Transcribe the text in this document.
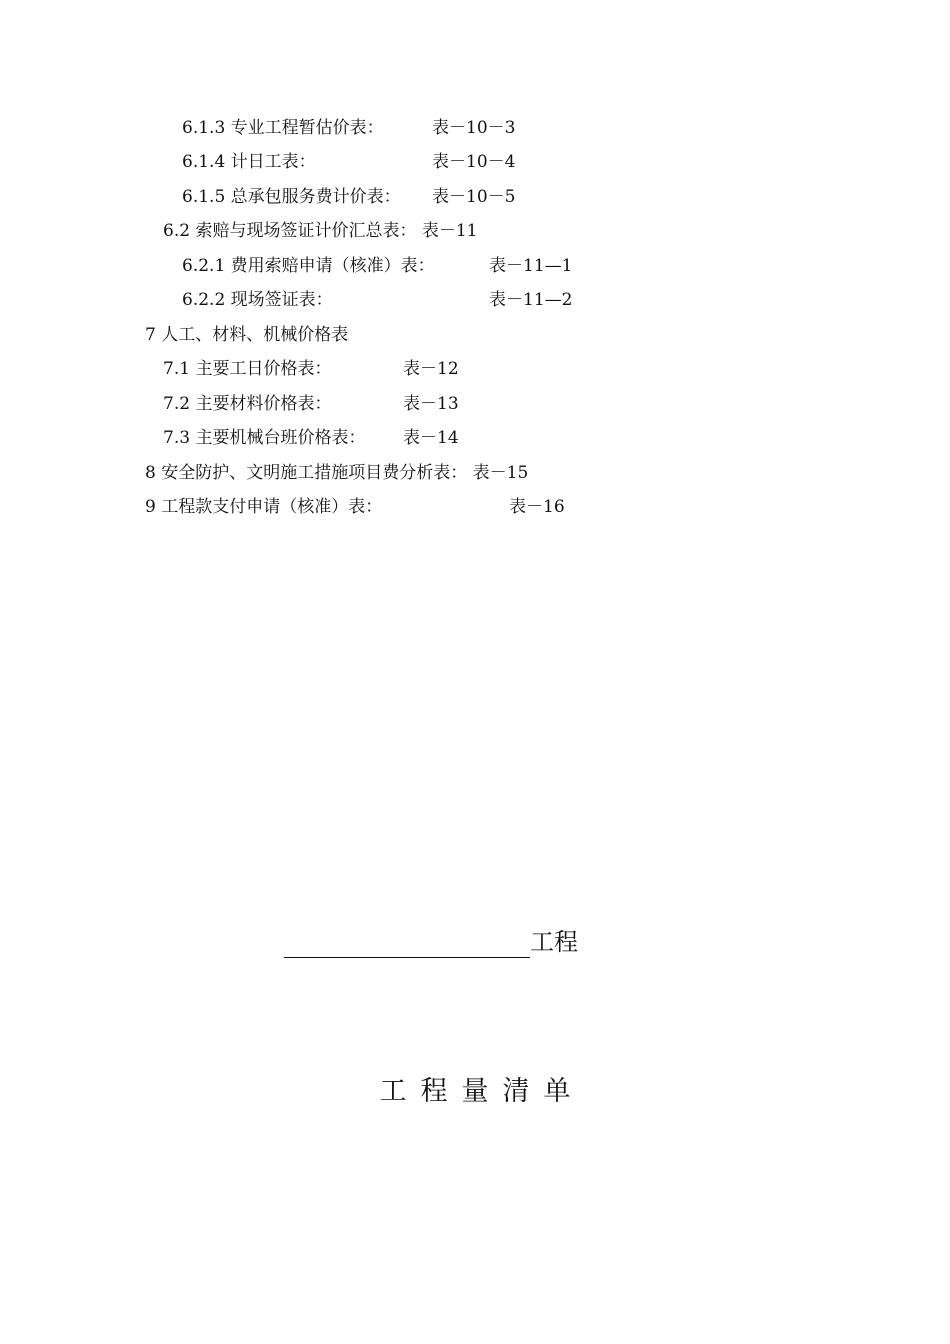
6.1.3 专业工程暂估价表：	表－10－3
6.1.4 计日工表：	表－10－4
6.1.5 总承包服务费计价表： 表－10－5
6.2 索赔与现场签证计价汇总表： 表－11
6.2.1 费用索赔申请（核准）表：	表－11—1
6.2.2 现场签证表：	表－11—2
7 人工、材料、机械价格表
7.1 主要工日价格表：	表－12
7.2 主要材料价格表：	表－13
7.3 主要机械台班价格表： 表－14
8 安全防护、文明施工措施项目费分析表： 表－15
9 工程款支付申请（核准）表：	表－16
工程
工程量清单
